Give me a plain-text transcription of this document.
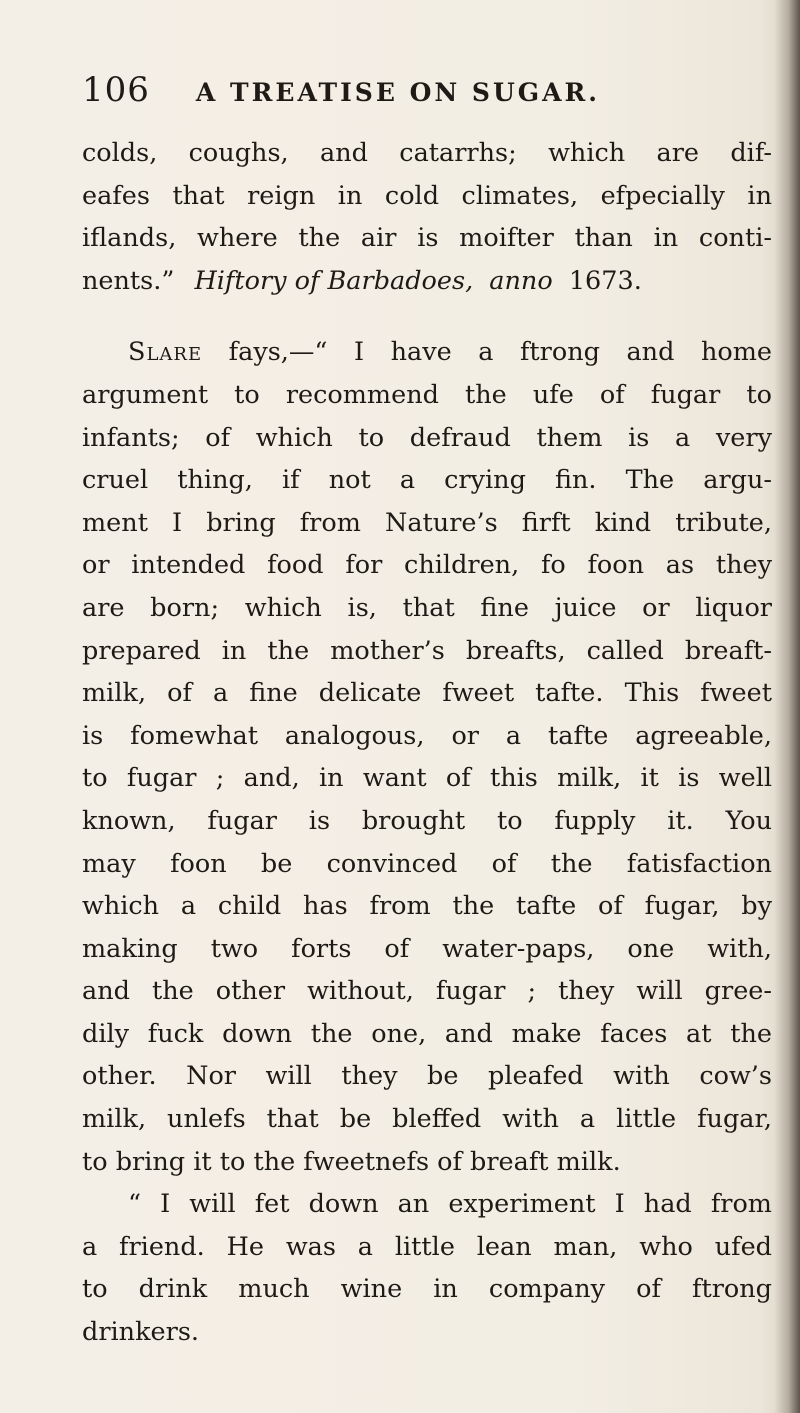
106 A TREATISE ON SUGAR.
colds, coughs, and catarrhs; which are dif-
eafes that reign in cold climates, efpecially in
iflands, where the air is moifter than in conti-
nents.” Hiftory of Barbadoes, anno 1673.
Slare fays,—“ I have a ftrong and home
argument to recommend the ufe of fugar to
infants; of which to defraud them is a very
cruel thing, if not a crying fin. The argu-
ment I bring from Nature’s firft kind tribute,
or intended food for children, fo foon as they
are born; which is, that fine juice or liquor
prepared in the mother’s breafts, called breaft-
milk, of a fine delicate fweet tafte. This fweet
is fomewhat analogous, or a tafte agreeable,
to fugar ; and, in want of this milk, it is well
known, fugar is brought to fupply it. You
may foon be convinced of the fatisfaction
which a child has from the tafte of fugar, by
making two forts of water-paps, one with,
and the other without, fugar ; they will gree-
dily fuck down the one, and make faces at the
other. Nor will they be pleafed with cow’s
milk, unlefs that be bleffed with a little fugar,
to bring it to the fweetnefs of breaft milk.
“ I will fet down an experiment I had from
a friend. He was a little lean man, who ufed
to drink much wine in company of ftrong
drinkers.
